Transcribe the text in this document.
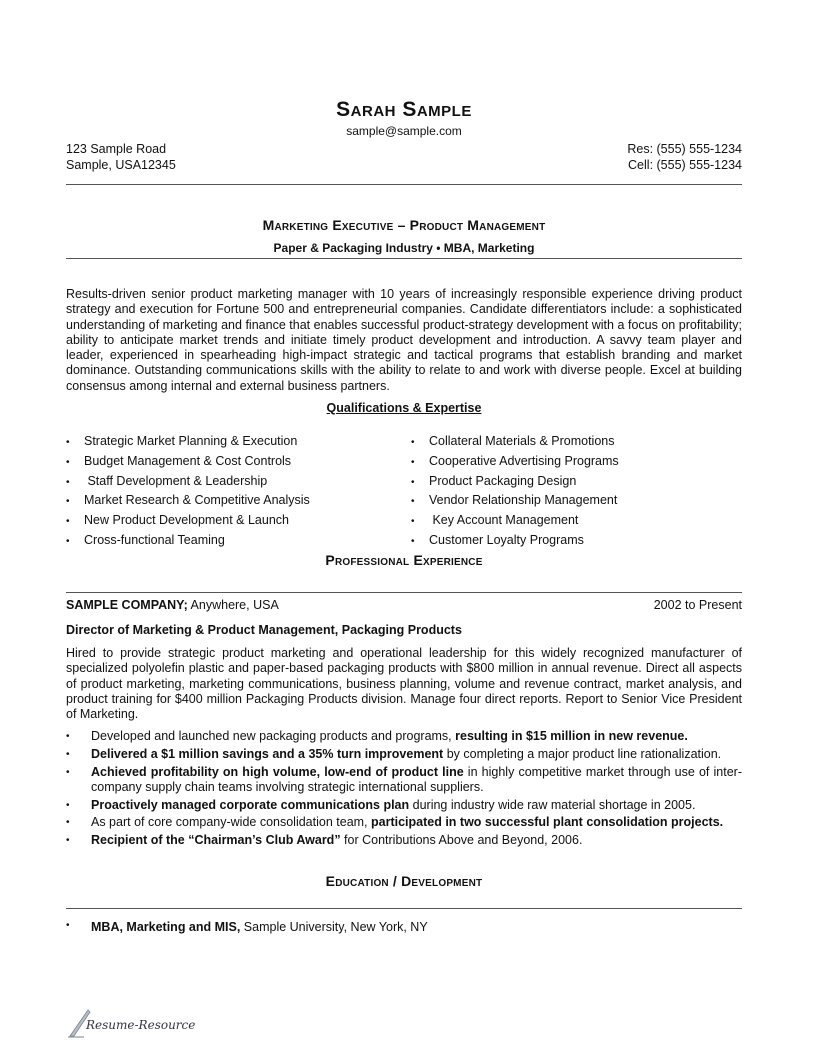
Sarah Sample
sample@sample.com
123 Sample Road
Sample, USA12345
Res: (555) 555-1234
Cell: (555) 555-1234
Marketing Executive – Product Management
Paper & Packaging Industry • MBA, Marketing

Results-driven senior product marketing manager with 10 years of increasingly responsible experience driving product strategy and execution for Fortune 500 and entrepreneurial companies. Candidate differentiators include: a sophisticated understanding of marketing and finance that enables successful product-strategy development with a focus on profitability; ability to anticipate market trends and initiate timely product development and introduction. A savvy team player and leader, experienced in spearheading high-impact strategic and tactical programs that establish branding and market dominance. Outstanding communications skills with the ability to relate to and work with diverse people. Excel at building consensus among internal and external business partners.

Qualifications & Expertise
• Strategic Market Planning & Execution
• Budget Management & Cost Controls
• Staff Development & Leadership
• Market Research & Competitive Analysis
• New Product Development & Launch
• Cross-functional Teaming
• Collateral Materials & Promotions
• Cooperative Advertising Programs
• Product Packaging Design
• Vendor Relationship Management
• Key Account Management
• Customer Loyalty Programs
Professional Experience
SAMPLE COMPANY; Anywhere, USA	2002 to Present
Director of Marketing & Product Management, Packaging Products

Hired to provide strategic product marketing and operational leadership for this widely recognized manufacturer of specialized polyolefin plastic and paper-based packaging products with $800 million in annual revenue. Direct all aspects of product marketing, marketing communications, business planning, volume and revenue contract, market analysis, and product training for $400 million Packaging Products division. Manage four direct reports. Report to Senior Vice President of Marketing.

• Developed and launched new packaging products and programs, resulting in $15 million in new revenue.
• Delivered a $1 million savings and a 35% turn improvement by completing a major product line rationalization.
• Achieved profitability on high volume, low-end of product line in highly competitive market through use of inter-company supply chain teams involving strategic international suppliers.
• Proactively managed corporate communications plan during industry wide raw material shortage in 2005.
• As part of core company-wide consolidation team, participated in two successful plant consolidation projects.
• Recipient of the “Chairman’s Club Award” for Contributions Above and Beyond, 2006.
Education / Development
• MBA, Marketing and MIS, Sample University, New York, NY
Resume-Resource
